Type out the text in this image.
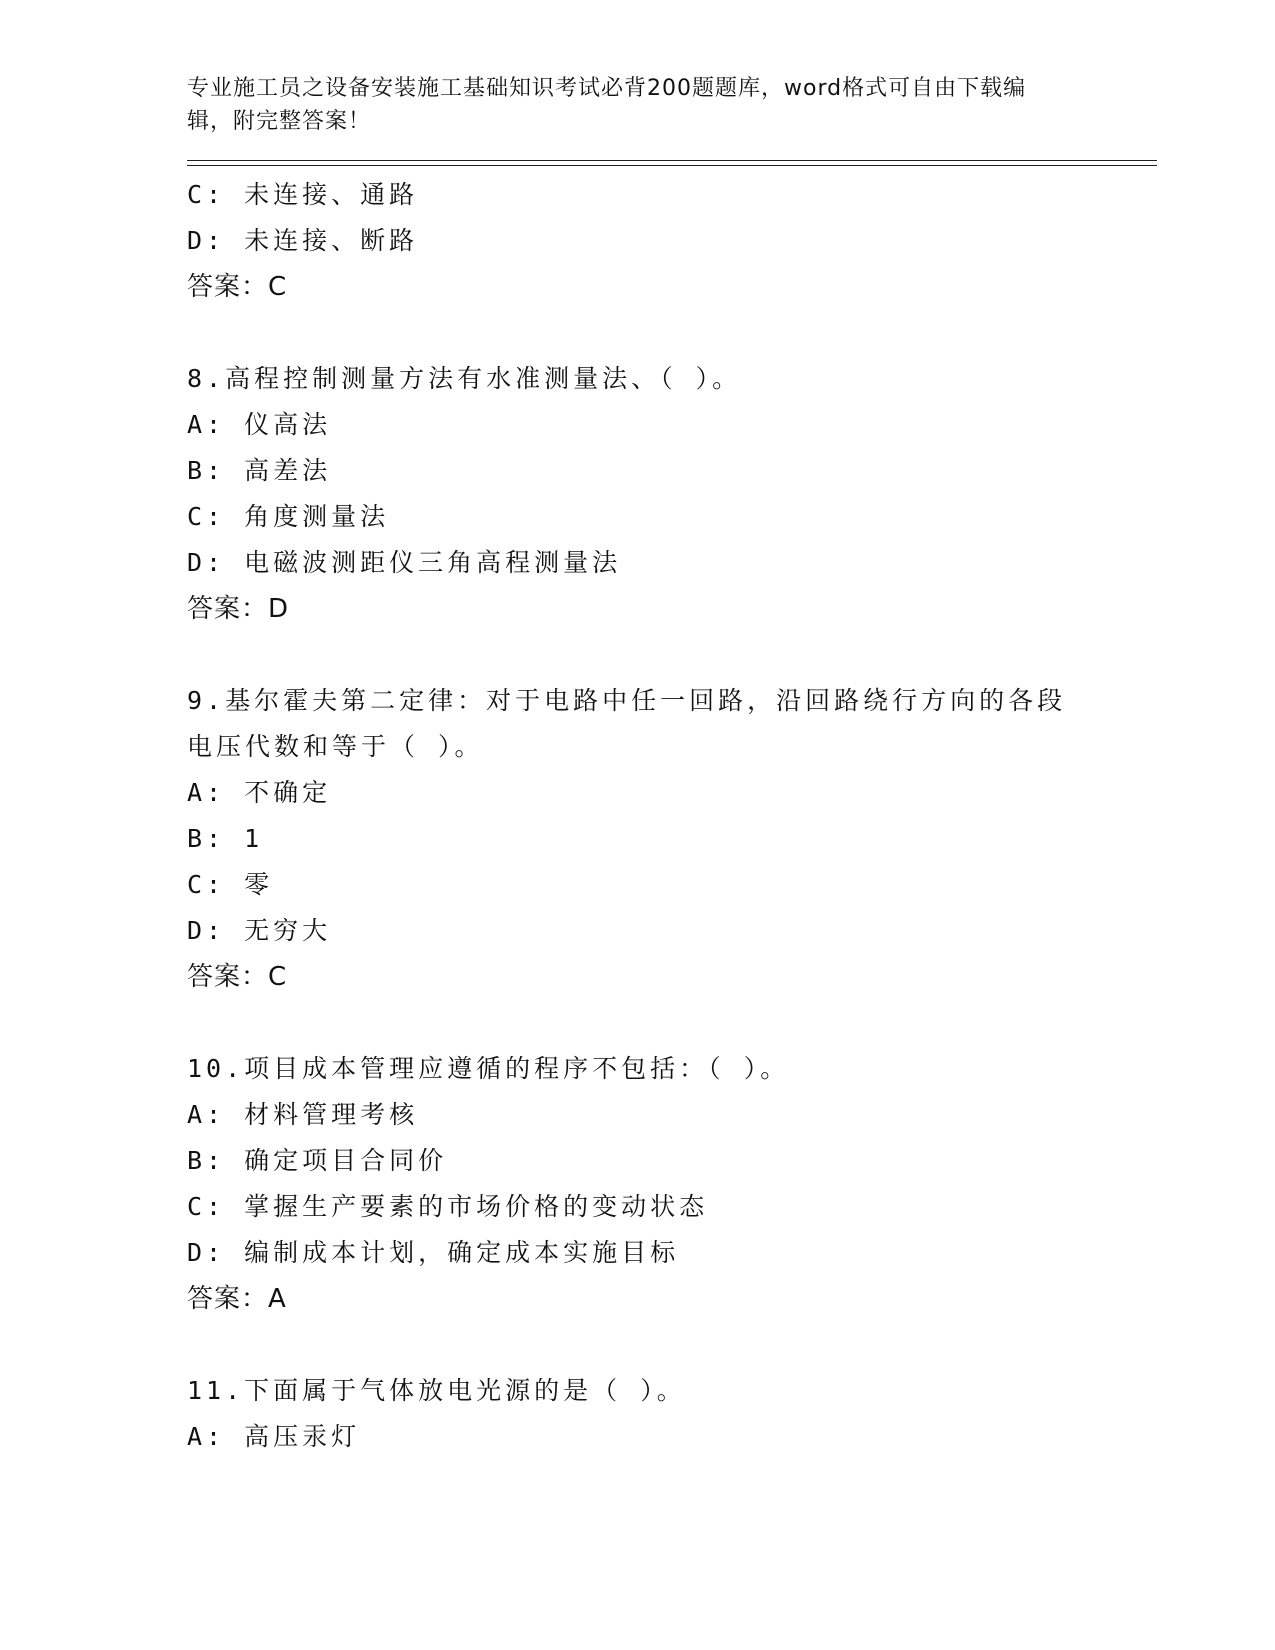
专业施工员之设备安装施工基础知识考试必背200题题库，word格式可自由下载编辑，附完整答案！

C: 未连接、通路
D: 未连接、断路
答案：C
8.高程控制测量方法有水准测量法、（ ）。
A: 仪高法
B: 高差法
C: 角度测量法
D: 电磁波测距仪三角高程测量法
答案：D
9.基尔霍夫第二定律：对于电路中任一回路，沿回路绕行方向的各段电压代数和等于（ ）。
A: 不确定
B: 1
C: 零
D: 无穷大
答案：C
10.项目成本管理应遵循的程序不包括：（ ）。
A: 材料管理考核
B: 确定项目合同价
C: 掌握生产要素的市场价格的变动状态
D: 编制成本计划，确定成本实施目标
答案：A
11.下面属于气体放电光源的是（ ）。
A: 高压汞灯
